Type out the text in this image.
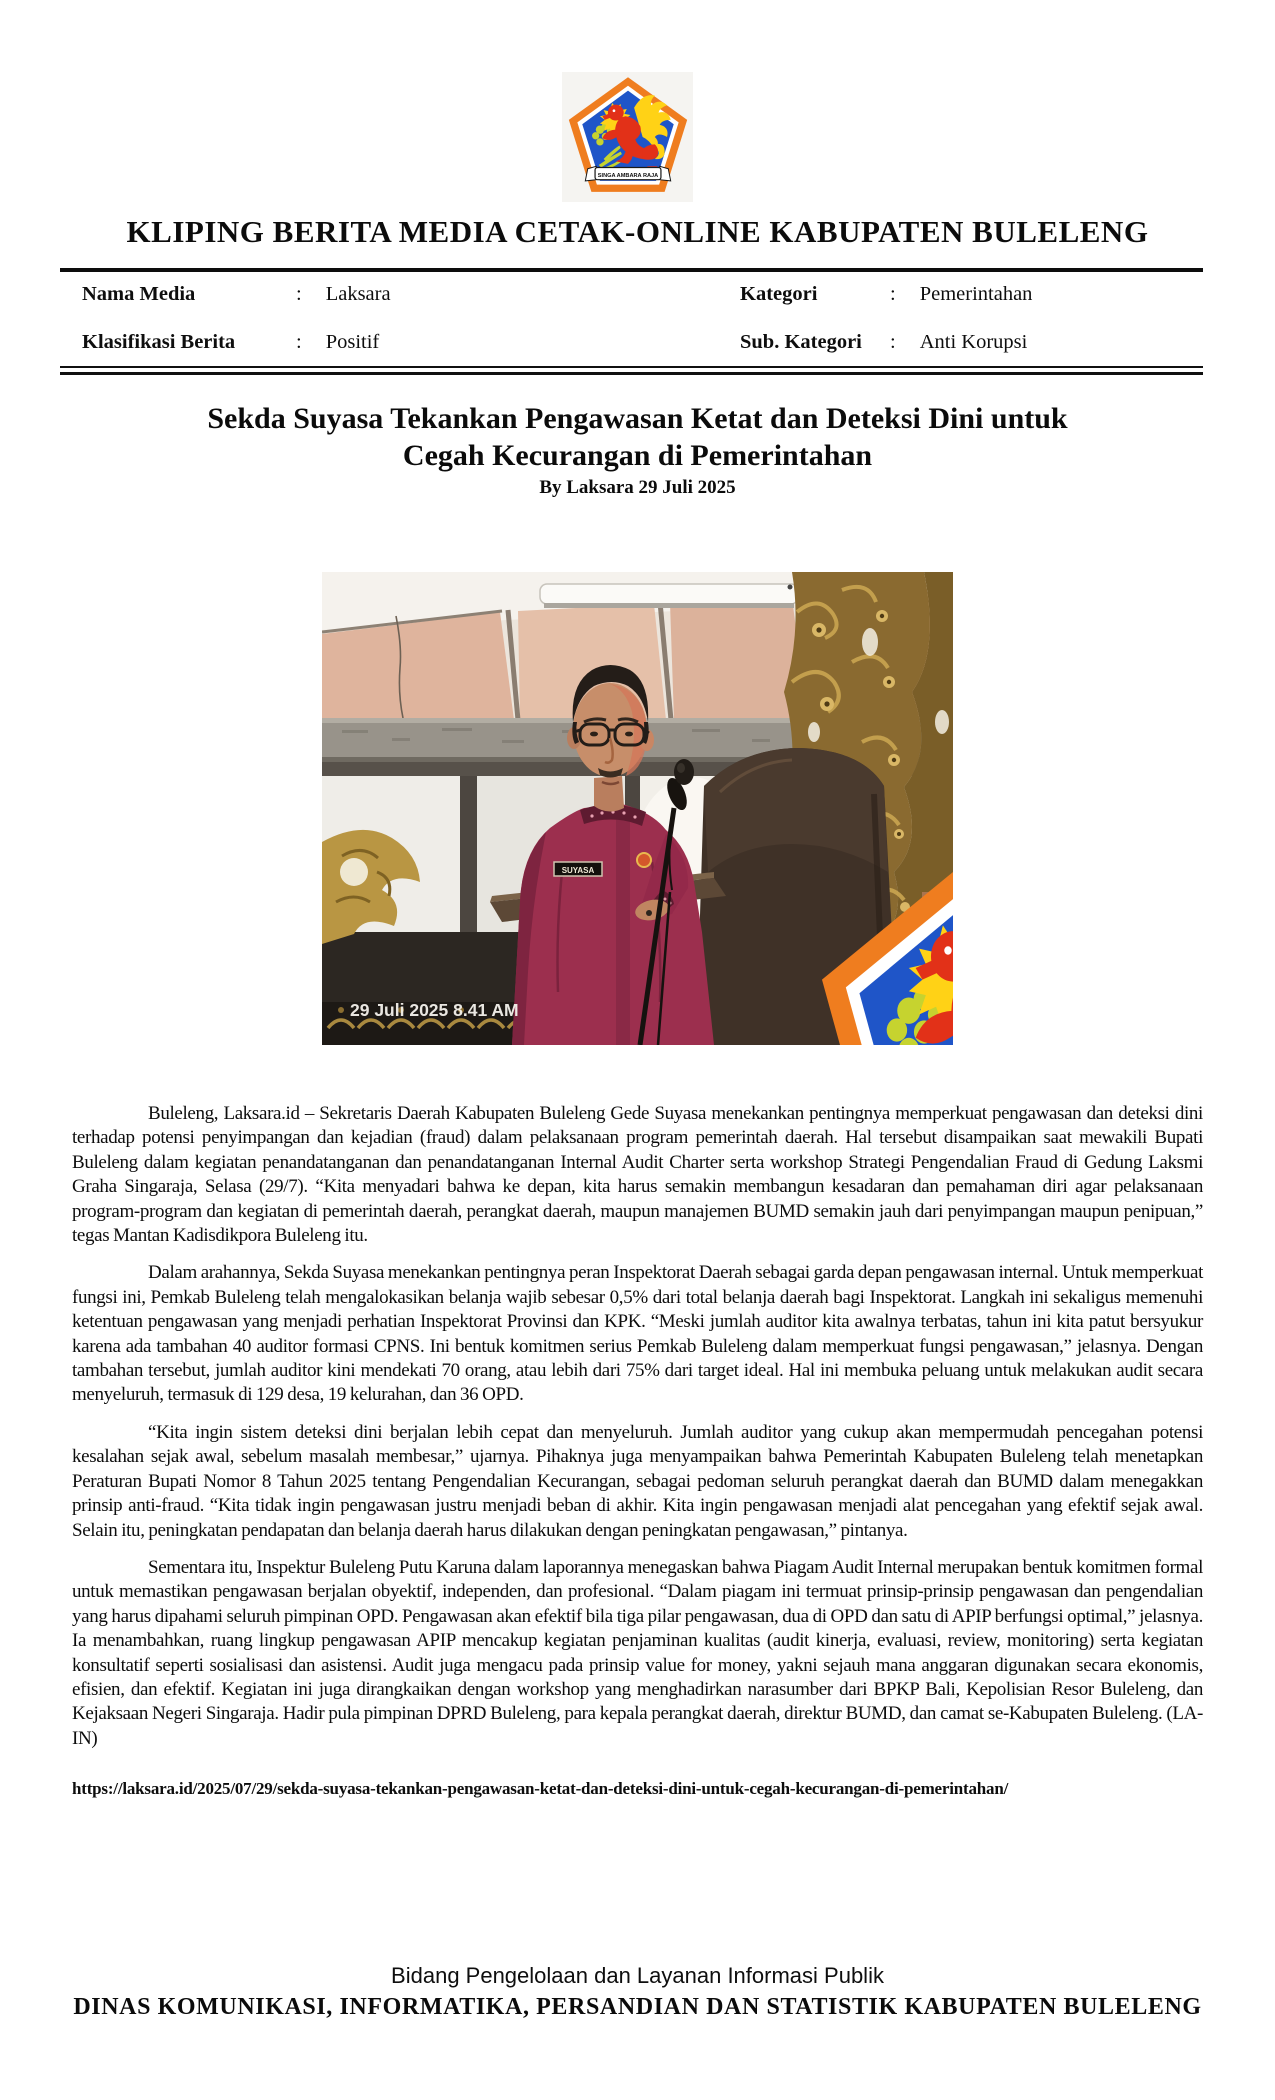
KLIPING BERITA MEDIA CETAK-ONLINE KABUPATEN BULELENG
Nama Media	: Laksara	Kategori	: Pemerintahan
Klasifikasi Berita	: Positif	Sub. Kategori : Anti Korupsi
Sekda Suyasa Tekankan Pengawasan Ketat dan Deteksi Dini untuk
Cegah Kecurangan di Pemerintahan
By Laksara 29 Juli 2025
SUYASA
29 Juli 2025 8.41 AM

Buleleng, Laksara.id – Sekretaris Daerah Kabupaten Buleleng Gede Suyasa menekankan pentingnya memperkuat pengawasan dan deteksi dini terhadap potensi penyimpangan dan kejadian (fraud) dalam pelaksanaan program pemerintah daerah. Hal tersebut disampaikan saat mewakili Bupati Buleleng dalam kegiatan penandatanganan dan penandatanganan Internal Audit Charter serta workshop Strategi Pengendalian Fraud di Gedung Laksmi Graha Singaraja, Selasa (29/7). “Kita menyadari bahwa ke depan, kita harus semakin membangun kesadaran dan pemahaman diri agar pelaksanaan program-program dan kegiatan di pemerintah daerah, perangkat daerah, maupun manajemen BUMD semakin jauh dari penyimpangan maupun penipuan,” tegas Mantan Kadisdikpora Buleleng itu.

Dalam arahannya, Sekda Suyasa menekankan pentingnya peran Inspektorat Daerah sebagai garda depan pengawasan internal. Untuk memperkuat fungsi ini, Pemkab Buleleng telah mengalokasikan belanja wajib sebesar 0,5% dari total belanja daerah bagi Inspektorat. Langkah ini sekaligus memenuhi ketentuan pengawasan yang menjadi perhatian Inspektorat Provinsi dan KPK. “Meski jumlah auditor kita awalnya terbatas, tahun ini kita patut bersyukur karena ada tambahan 40 auditor formasi CPNS. Ini bentuk komitmen serius Pemkab Buleleng dalam memperkuat fungsi pengawasan,” jelasnya. Dengan tambahan tersebut, jumlah auditor kini mendekati 70 orang, atau lebih dari 75% dari target ideal. Hal ini membuka peluang untuk melakukan audit secara menyeluruh, termasuk di 129 desa, 19 kelurahan, dan 36 OPD.

“Kita ingin sistem deteksi dini berjalan lebih cepat dan menyeluruh. Jumlah auditor yang cukup akan mempermudah pencegahan potensi kesalahan sejak awal, sebelum masalah membesar,” ujarnya. Pihaknya juga menyampaikan bahwa Pemerintah Kabupaten Buleleng telah menetapkan Peraturan Bupati Nomor 8 Tahun 2025 tentang Pengendalian Kecurangan, sebagai pedoman seluruh perangkat daerah dan BUMD dalam menegakkan prinsip anti-fraud. “Kita tidak ingin pengawasan justru menjadi beban di akhir. Kita ingin pengawasan menjadi alat pencegahan yang efektif sejak awal. Selain itu, peningkatan pendapatan dan belanja daerah harus dilakukan dengan peningkatan pengawasan,” pintanya.

Sementara itu, Inspektur Buleleng Putu Karuna dalam laporannya menegaskan bahwa Piagam Audit Internal merupakan bentuk komitmen formal untuk memastikan pengawasan berjalan obyektif, independen, dan profesional. “Dalam piagam ini termuat prinsip-prinsip pengawasan dan pengendalian yang harus dipahami seluruh pimpinan OPD. Pengawasan akan efektif bila tiga pilar pengawasan, dua di OPD dan satu di APIP berfungsi optimal,” jelasnya. Ia menambahkan, ruang lingkup pengawasan APIP mencakup kegiatan penjaminan kualitas (audit kinerja, evaluasi, review, monitoring) serta kegiatan konsultatif seperti sosialisasi dan asistensi. Audit juga mengacu pada prinsip value for money, yakni sejauh mana anggaran digunakan secara ekonomis, efisien, dan efektif. Kegiatan ini juga dirangkaikan dengan workshop yang menghadirkan narasumber dari BPKP Bali, Kepolisian Resor Buleleng, dan Kejaksaan Negeri Singaraja. Hadir pula pimpinan DPRD Buleleng, para kepala perangkat daerah, direktur BUMD, dan camat se-Kabupaten Buleleng. (LA-IN)

https://laksara.id/2025/07/29/sekda-suyasa-tekankan-pengawasan-ketat-dan-deteksi-dini-untuk-cegah-kecurangan-di-pemerintahan/
Bidang Pengelolaan dan Layanan Informasi Publik
DINAS KOMUNIKASI, INFORMATIKA, PERSANDIAN DAN STATISTIK KABUPATEN BULELENG
